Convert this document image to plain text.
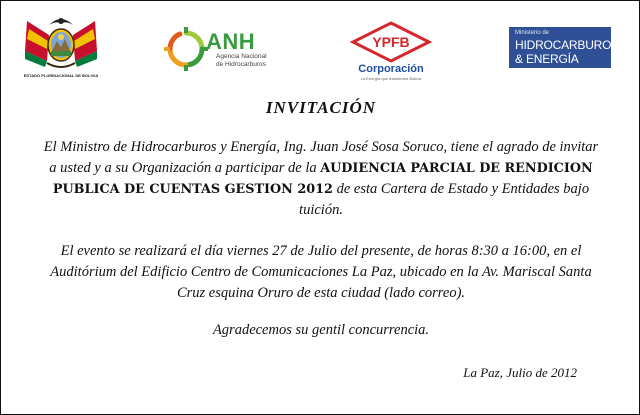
ESTADO PLURINACIONAL DE BOLIVIA
ANH
Agencia Nacional
de Hidrocarburos
YPFB
Corporación
La Energía que transforma Bolivia
Ministerio de
HIDROCARBUROS
& ENERGÍA
INVITACIÓN
El Ministro de Hidrocarburos y Energía, Ing. Juan José Sosa Soruco, tiene el agrado de invitar a usted y a su Organización a participar de la AUDIENCIA PARCIAL DE RENDICION PUBLICA DE CUENTAS GESTION 2012 de esta Cartera de Estado y Entidades bajo tuición.
El evento se realizará el día viernes 27 de Julio del presente, de horas 8:30 a 16:00, en el Auditórium del Edificio Centro de Comunicaciones La Paz, ubicado en la Av. Mariscal Santa Cruz esquina Oruro de esta ciudad (lado correo).
Agradecemos su gentil concurrencia.
La Paz, Julio de 2012
